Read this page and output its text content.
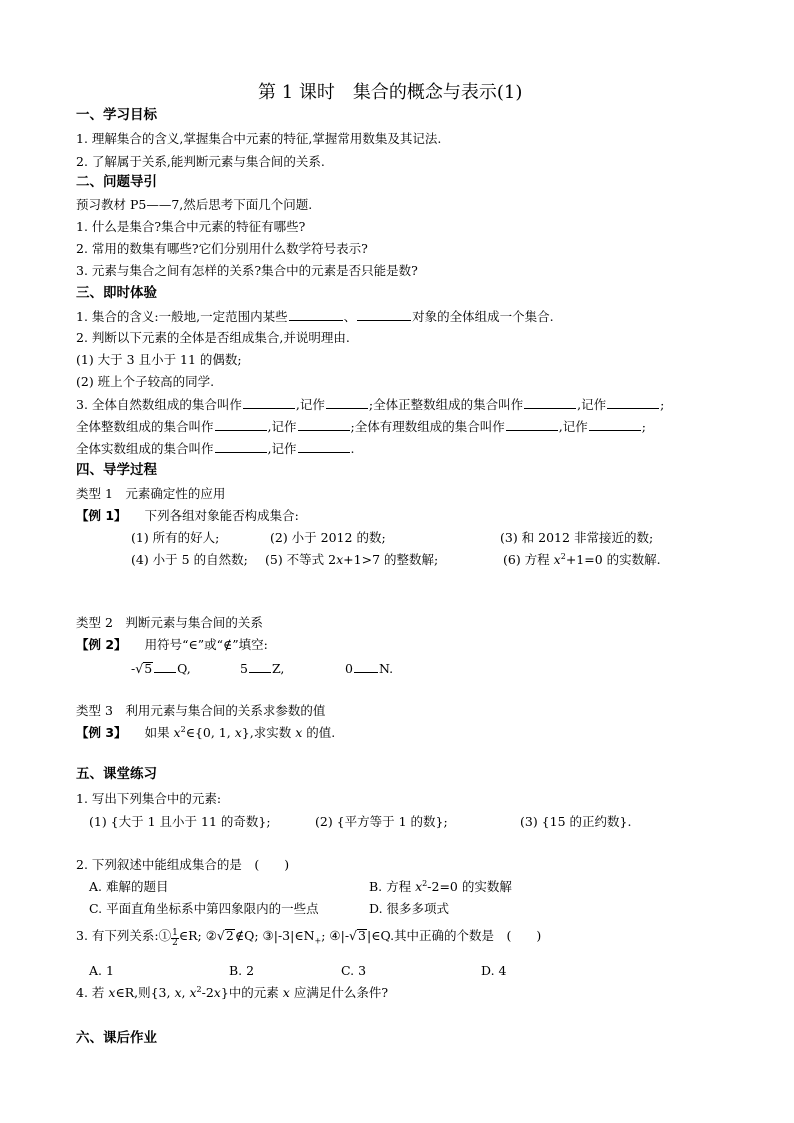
第 1 课时　集合的概念与表示(1)
一、学习目标
1. 理解集合的含义,掌握集合中元素的特征,掌握常用数集及其记法.
2. 了解属于关系,能判断元素与集合间的关系.
二、问题导引
预习教材 P5——7,然后思考下面几个问题.
1. 什么是集合?集合中元素的特征有哪些?
2. 常用的数集有哪些?它们分别用什么数学符号表示?
3. 元素与集合之间有怎样的关系?集合中的元素是否只能是数?
三、即时体验
1. 集合的含义:一般地,一定范围内某些	、	对象的全体组成一个集合.
2. 判断以下元素的全体是否组成集合,并说明理由.
(1) 大于 3 且小于 11 的偶数;
(2) 班上个子较高的同学.
3. 全体自然数组成的集合叫作	,记作	;全体正整数组成的集合叫作	,记作	;
全体整数组成的集合叫作	,记作	;全体有理数组成的集合叫作	,记作	;
全体实数组成的集合叫作	,记作	.
四、导学过程
类型 1　元素确定性的应用
【例 1】 下列各组对象能否构成集合:
(1) 所有的好人;	(2) 小于 2012 的数;	(3) 和 2012 非常接近的数;
(4) 小于 5 的自然数; (5) 不等式 2x+1>7 的整数解;	(6) 方程 $x^2+1=0$ 的实数解.
类型 2　判断元素与集合间的关系
【例 2】 用符号“∈”或“∉”填空:
-√5 Q,	5 Z,	0 N.
类型 3　利用元素与集合间的关系求参数的值
【例 3】 如果 $x^2\in\{0$, 1, x},求实数 x 的值.
五、课堂练习
1. 写出下列集合中的元素:
(1) {大于 1 且小于 11 的奇数};	(2) {平方等于 1 的数};	(3) {15 的正约数}.
2. 下列叙述中能组成集合的是　(　　)
A. 难解的题目	B. 方程 $x^2-2=0$ 的实数解
C. 平面直角坐标系中第四象限内的一些点	D. 很多多项式
3. 有下列关系:① $\frac{1}{2}$ ∈R; ②√2∉Q; $③|-3|\in N_+$; ④|-√3|∈Q.其中正确的个数是　(　　)
A. 1	B. 2	C. 3	D. 4
4. 若 x∈R,则{3, x, $x^2-2x$}中的元素 x 应满足什么条件?
六、课后作业
